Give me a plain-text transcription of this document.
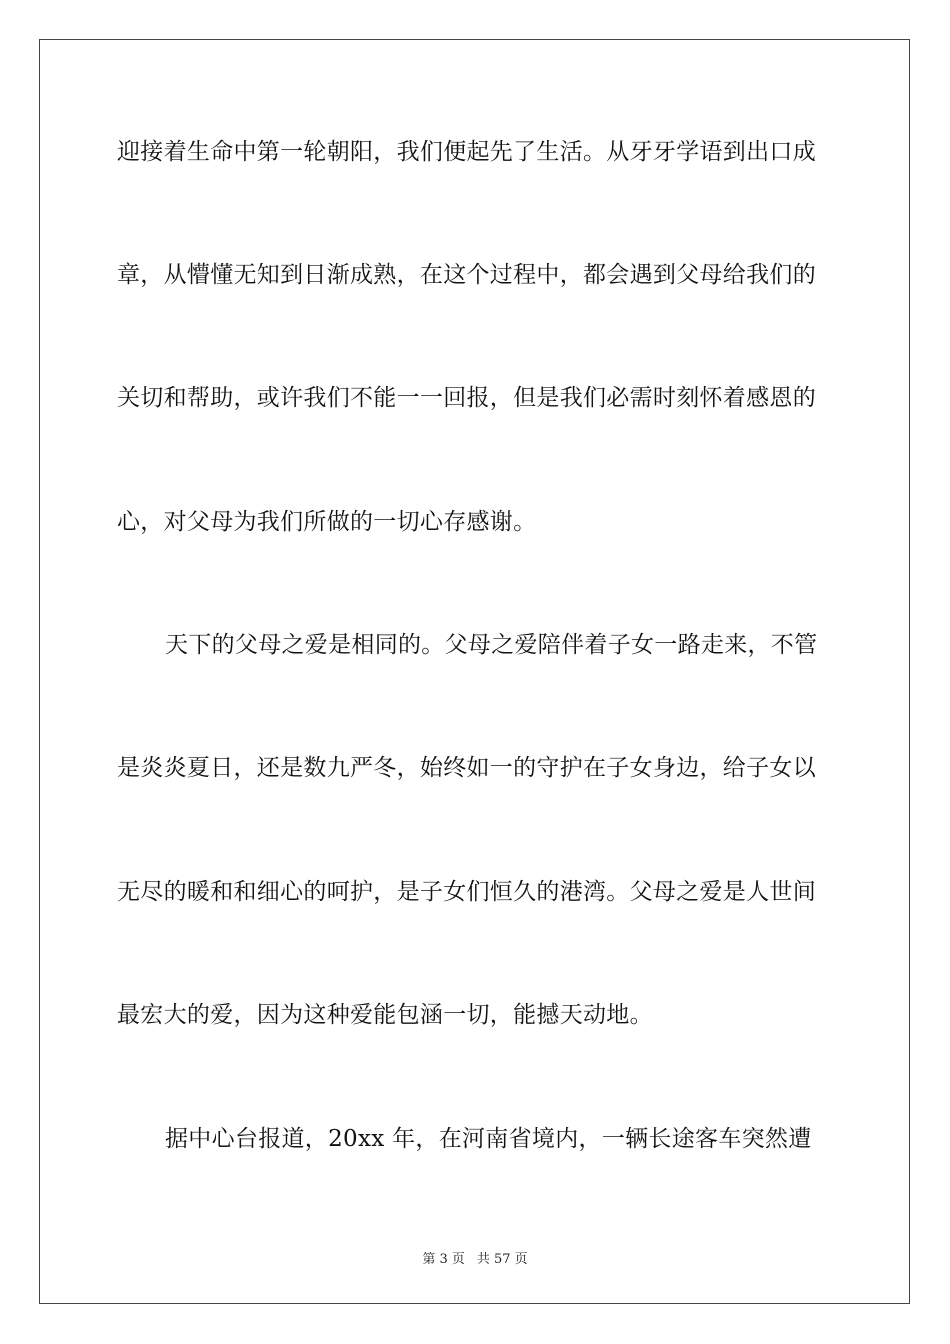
迎接着生命中第一轮朝阳，我们便起先了生活。从牙牙学语到出口成
章，从懵懂无知到日渐成熟，在这个过程中，都会遇到父母给我们的
关切和帮助，或许我们不能一一回报，但是我们必需时刻怀着感恩的
心，对父母为我们所做的一切心存感谢。
天下的父母之爱是相同的。父母之爱陪伴着子女一路走来，不管
是炎炎夏日，还是数九严冬，始终如一的守护在子女身边，给子女以
无尽的暖和和细心的呵护，是子女们恒久的港湾。父母之爱是人世间
最宏大的爱，因为这种爱能包涵一切，能撼天动地。
据中心台报道，20xx 年，在河南省境内，一辆长途客车突然遭
第 3 页 共 57 页
